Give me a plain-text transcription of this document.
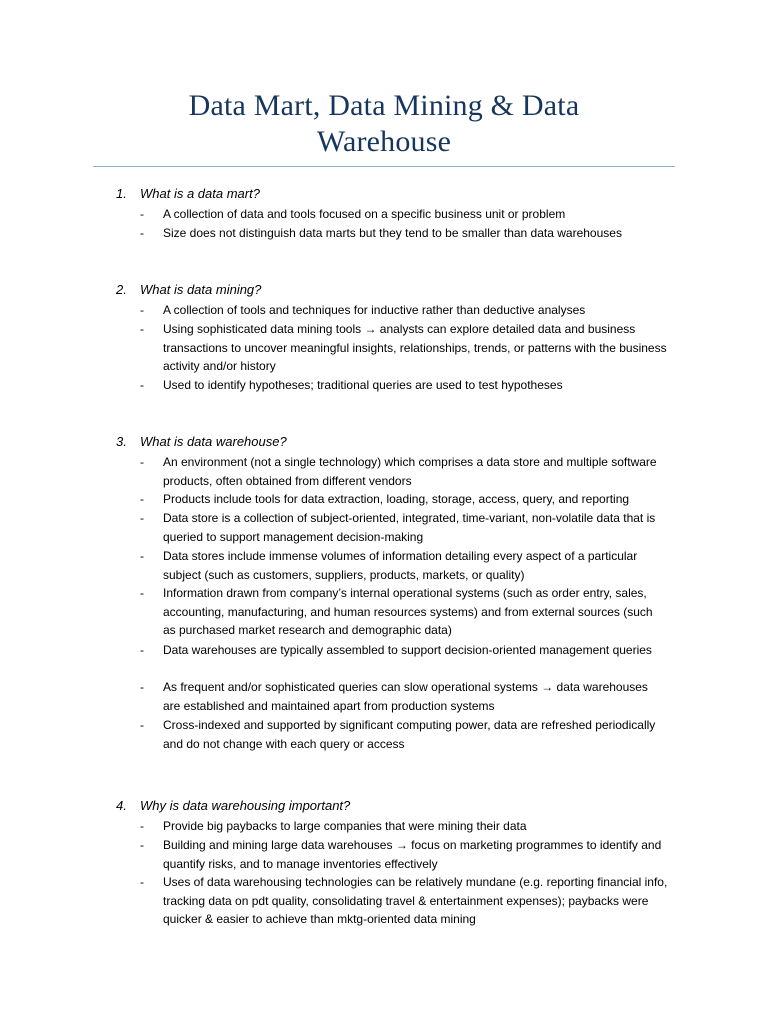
Data Mart, Data Mining & Data
Warehouse
1. What is a data mart?
- A collection of data and tools focused on a specific business unit or problem
- Size does not distinguish data marts but they tend to be smaller than data warehouses
2. What is data mining?
- A collection of tools and techniques for inductive rather than deductive analyses
- Using sophisticated data mining tools → analysts can explore detailed data and business transactions to uncover meaningful insights, relationships, trends, or patterns with the business activity and/or history
- Used to identify hypotheses; traditional queries are used to test hypotheses
3. What is data warehouse?
- An environment (not a single technology) which comprises a data store and multiple software products, often obtained from different vendors
- Products include tools for data extraction, loading, storage, access, query, and reporting
- Data store is a collection of subject-oriented, integrated, time-variant, non-volatile data that is queried to support management decision-making
- Data stores include immense volumes of information detailing every aspect of a particular subject (such as customers, suppliers, products, markets, or quality)
- Information drawn from company’s internal operational systems (such as order entry, sales, accounting, manufacturing, and human resources systems) and from external sources (such as purchased market research and demographic data)
- Data warehouses are typically assembled to support decision-oriented management queries
- As frequent and/or sophisticated queries can slow operational systems → data warehouses are established and maintained apart from production systems
- Cross-indexed and supported by significant computing power, data are refreshed periodically and do not change with each query or access
4. Why is data warehousing important?
- Provide big paybacks to large companies that were mining their data
- Building and mining large data warehouses → focus on marketing programmes to identify and quantify risks, and to manage inventories effectively
- Uses of data warehousing technologies can be relatively mundane (e.g. reporting financial info, tracking data on pdt quality, consolidating travel & entertainment expenses); paybacks were quicker & easier to achieve than mktg-oriented data mining
